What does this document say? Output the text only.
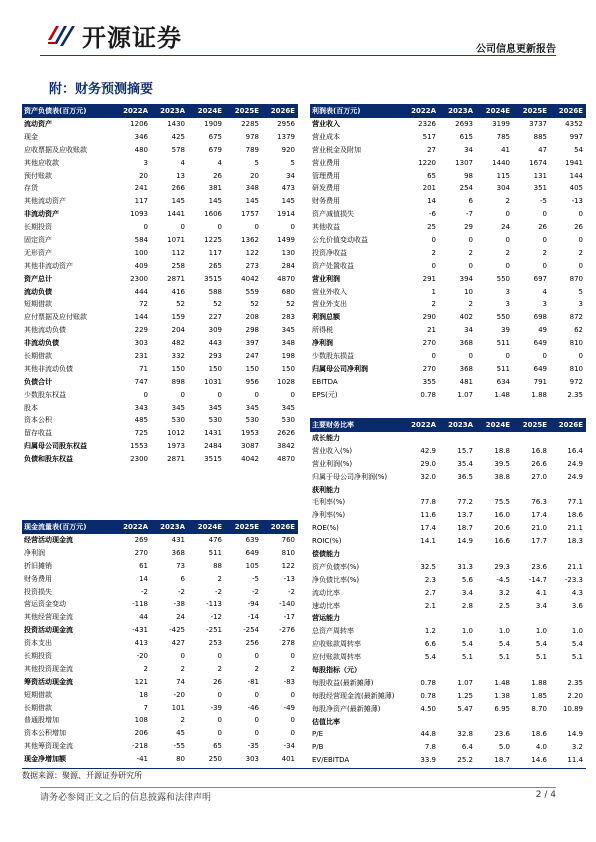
开源证券	公司信息更新报告
附：财务预测摘要
资产负债表(百万元)	2022A	2023A	2024E	2025E	2026E
流动资产	1206	1430	1909	2285	2956
现金	346	425	675	978	1379
应收票据及应收账款	480	578	679	789	920
其他应收款	3	4	4	5	5
预付账款	20	13	26	20	34
存货	241	266	381	348	473
其他流动资产	117	145	145	145	145
非流动资产	1093	1441	1606	1757	1914
长期投资	0	0	0	0	0
固定资产	584	1071	1225	1362	1499
无形资产	100	112	117	122	130
其他非流动资产	409	258	265	273	284
资产总计	2300	2871	3515	4042	4870
流动负债	444	416	588	559	680
短期借款	72	52	52	52	52
应付票据及应付账款	144	159	227	208	283
其他流动负债	229	204	309	298	345
非流动负债	303	482	443	397	348
长期借款	231	332	293	247	198
其他非流动负债	71	150	150	150	150
负债合计	747	898	1031	956	1028
少数股东权益	0	0	0	0	0
股本	343	345	345	345	345
资本公积	485	530	530	530	530
留存收益	725	1012	1431	1953	2626
归属母公司股东权益	1553	1973	2484	3087	3842
负债和股东权益	2300	2871	3515	4042	4870
利润表(百万元)	2022A	2023A	2024E	2025E	2026E
营业收入	2326	2693	3199	3737	4352
营业成本	517	615	785	885	997
营业税金及附加	27	34	41	47	54
营业费用	1220	1307	1440	1674	1941
管理费用	65	98	115	131	144
研发费用	201	254	304	351	405
财务费用	14	6	2	-5	-13
资产减值损失	-6	-7	0	0	0
其他收益	25	29	24	26	26
公允价值变动收益	0	0	0	0	0
投资净收益	2	2	2	2	2
资产处置收益	0	0	0	0	0
营业利润	291	394	550	697	870
营业外收入	1	10	3	4	5
营业外支出	2	2	3	3	3
利润总额	290	402	550	698	872
所得税	21	34	39	49	62
净利润	270	368	511	649	810
少数股东损益	0	0	0	0	0
归属母公司净利润	270	368	511	649	810
EBITDA	355	481	634	791	972
EPS(元)	0.78	1.07	1.48	1.88	2.35
主要财务比率	2022A	2023A	2024E	2025E	2026E
成长能力					
营业收入(%)	42.9	15.7	18.8	16.8	16.4
营业利润(%)	29.0	35.4	39.5	26.6	24.9
归属于母公司净利润(%)	32.0	36.5	38.8	27.0	24.9
获利能力					
毛利率(%)	77.8	77.2	75.5	76.3	77.1
净利率(%)	11.6	13.7	16.0	17.4	18.6
ROE(%)	17.4	18.7	20.6	21.0	21.1
ROIC(%)	14.1	14.9	16.6	17.7	18.3
偿债能力					
资产负债率(%)	32.5	31.3	29.3	23.6	21.1
净负债比率(%)	2.3	5.6	-4.5	-14.7	-23.3
流动比率	2.7	3.4	3.2	4.1	4.3
速动比率	2.1	2.8	2.5	3.4	3.6
营运能力					
总资产周转率	1.2	1.0	1.0	1.0	1.0
应收账款周转率	6.6	5.4	5.4	5.4	5.4
应付账款周转率	5.4	5.1	5.1	5.1	5.1
每股指标（元）					
每股收益(最新摊薄)	0.78	1.07	1.48	1.88	2.35
每股经营现金流(最新摊薄)	0.78	1.25	1.38	1.85	2.20
每股净资产(最新摊薄)	4.50	5.47	6.95	8.70	10.89
估值比率					
P/E	44.8	32.8	23.6	18.6	14.9
P/B	7.8	6.4	5.0	4.0	3.2
EV/EBITDA	33.9	25.2	18.7	14.6	11.4
现金流量表(百万元)	2022A	2023A	2024E	2025E	2026E
经营活动现金流	269	431	476	639	760
净利润	270	368	511	649	810
折旧摊销	61	73	88	105	122
财务费用	14	6	2	-5	-13
投资损失	-2	-2	-2	-2	-2
营运资金变动	-118	-38	-113	-94	-140
其他经营现金流	44	24	-12	-14	-17
投资活动现金流	-431	-425	-251	-254	-276
资本支出	413	427	253	256	278
长期投资	-20	0	0	0	0
其他投资现金流	2	2	2	2	2
筹资活动现金流	121	74	26	-81	-83
短期借款	18	-20	0	0	0
长期借款	7	101	-39	-46	-49
普通股增加	108	2	0	0	0
资本公积增加	206	45	0	0	0
其他筹资现金流	-218	-55	65	-35	-34
现金净增加额	-41	80	250	303	401
数据来源：聚源、开源证券研究所
请务必参阅正文之后的信息披露和法律声明	2 / 4
